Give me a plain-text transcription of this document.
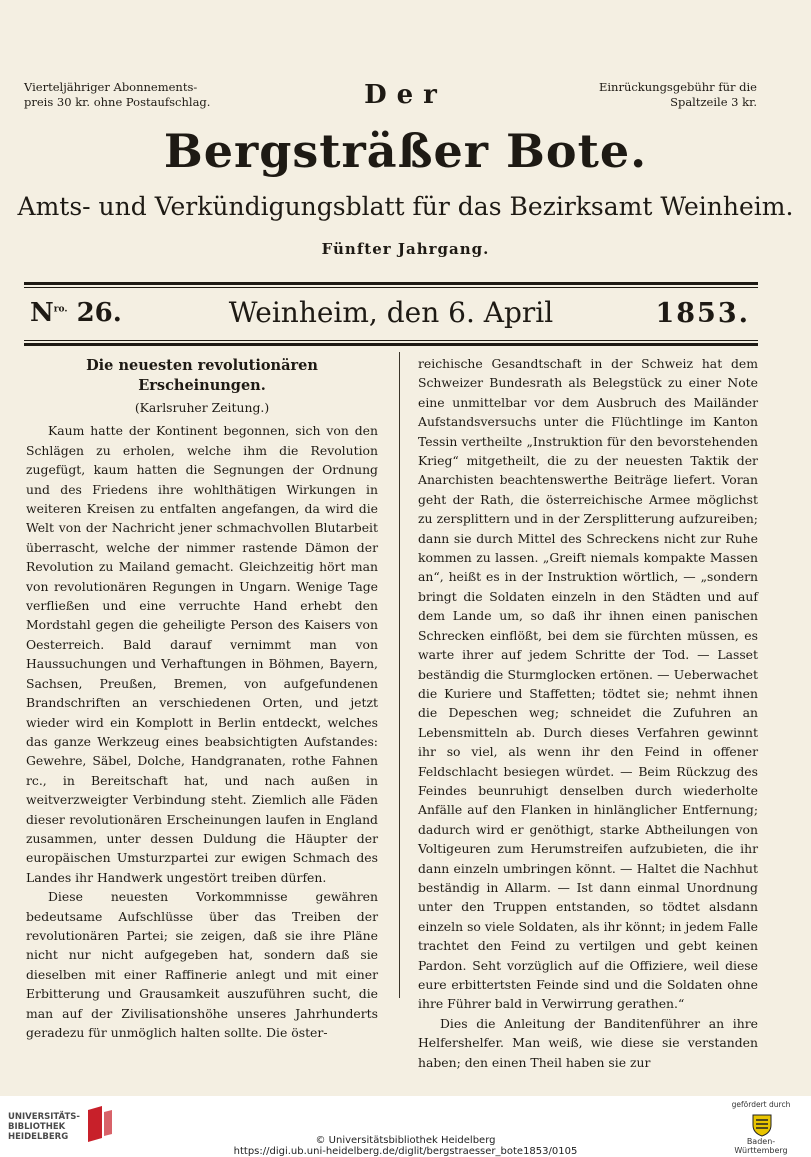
Vierteljähriger Abonnements-
preis 30 kr. ohne Postaufschlag.
Einrückungsgebühr für die
Spaltzeile 3 kr.
Der
Bergsträßer Bote.
Amts- und Verkündigungsblatt für das Bezirksamt Weinheim.
Fünfter Jahrgang.
$N^{ro.}$ 26.	Weinheim, den 6. April	1853.
Die neuesten revolutionären
Erscheinungen.
(Karlsruher Zeitung.)

Kaum hatte der Kontinent begonnen, sich von den Schlägen zu erholen, welche ihm die Revolution zugefügt, kaum hatten die Segnungen der Ordnung und des Friedens ihre wohlthätigen Wirkungen in weiteren Kreisen zu entfalten angefangen, da wird die Welt von der Nachricht jener schmachvollen Blutarbeit überrascht, welche der nimmer rastende Dämon der Revolution zu Mailand gemacht. Gleichzeitig hört man von revolutionären Regungen in Ungarn. Wenige Tage verfließen und eine verruchte Hand erhebt den Mordstahl gegen die geheiligte Person des Kaisers von Oesterreich. Bald darauf vernimmt man von Haussuchungen und Verhaftungen in Böhmen, Bayern, Sachsen, Preußen, Bremen, von aufgefundenen Brandschriften an verschiedenen Orten, und jetzt wieder wird ein Komplott in Berlin entdeckt, welches das ganze Werkzeug eines beabsichtigten Aufstandes: Gewehre, Säbel, Dolche, Handgranaten, rothe Fahnen rc., in Bereitschaft hat, und nach außen in weitverzweigter Verbindung steht. Ziemlich alle Fäden dieser revolutionären Erscheinungen laufen in England zusammen, unter dessen Duldung die Häupter der europäischen Umsturzpartei zur ewigen Schmach des Landes ihr Handwerk ungestört treiben dürfen.

Diese neuesten Vorkommnisse gewähren bedeutsame Aufschlüsse über das Treiben der revolutionären Partei; sie zeigen, daß sie ihre Pläne nicht nur nicht aufgegeben hat, sondern daß sie dieselben mit einer Raffinerie anlegt und mit einer Erbitterung und Grausamkeit auszuführen sucht, die man auf der Zivilisationshöhe unseres Jahrhunderts geradezu für unmöglich halten sollte. Die öster-

reichische Gesandtschaft in der Schweiz hat dem Schweizer Bundesrath als Belegstück zu einer Note eine unmittelbar vor dem Ausbruch des Mailänder Aufstandsversuchs unter die Flüchtlinge im Kanton Tessin vertheilte „Instruktion für den bevorstehenden Krieg“ mitgetheilt, die zu der neuesten Taktik der Anarchisten beachtenswerthe Beiträge liefert. Voran geht der Rath, die österreichische Armee möglichst zu zersplittern und in der Zersplitterung aufzureiben; dann sie durch Mittel des Schreckens nicht zur Ruhe kommen zu lassen. „Greift niemals kompakte Massen an“, heißt es in der Instruktion wörtlich, — „sondern bringt die Soldaten einzeln in den Städten und auf dem Lande um, so daß ihr ihnen einen panischen Schrecken einflößt, bei dem sie fürchten müssen, es warte ihrer auf jedem Schritte der Tod. — Lasset beständig die Sturmglocken ertönen. — Ueberwachet die Kuriere und Staffetten; tödtet sie; nehmt ihnen die Depeschen weg; schneidet die Zufuhren an Lebensmitteln ab. Durch dieses Verfahren gewinnt ihr so viel, als wenn ihr den Feind in offener Feldschlacht besiegen würdet. — Beim Rückzug des Feindes beunruhigt denselben durch wiederholte Anfälle auf den Flanken in hinlänglicher Entfernung; dadurch wird er genöthigt, starke Abtheilungen von Voltigeuren zum Herumstreifen aufzubieten, die ihr dann einzeln umbringen könnt. — Haltet die Nachhut beständig in Allarm. — Ist dann einmal Unordnung unter den Truppen entstanden, so tödtet alsdann einzeln so viele Soldaten, als ihr könnt; in jedem Falle trachtet den Feind zu vertilgen und gebt keinen Pardon. Seht vorzüglich auf die Offiziere, weil diese eure erbittertsten Feinde sind und die Soldaten ohne ihre Führer bald in Verwirrung gerathen.“

Dies die Anleitung der Banditenführer an ihre Helfershelfer. Man weiß, wie diese sie verstanden haben; den einen Theil haben sie zur

UNIVERSITÄTS-
BIBLIOTHEK
HEIDELBERG	© Universitätsbibliothek Heidelberg
https://digi.ub.uni-heidelberg.de/diglit/bergstraesser_bote1853/0105
gefördert durch
Baden-Württemberg
